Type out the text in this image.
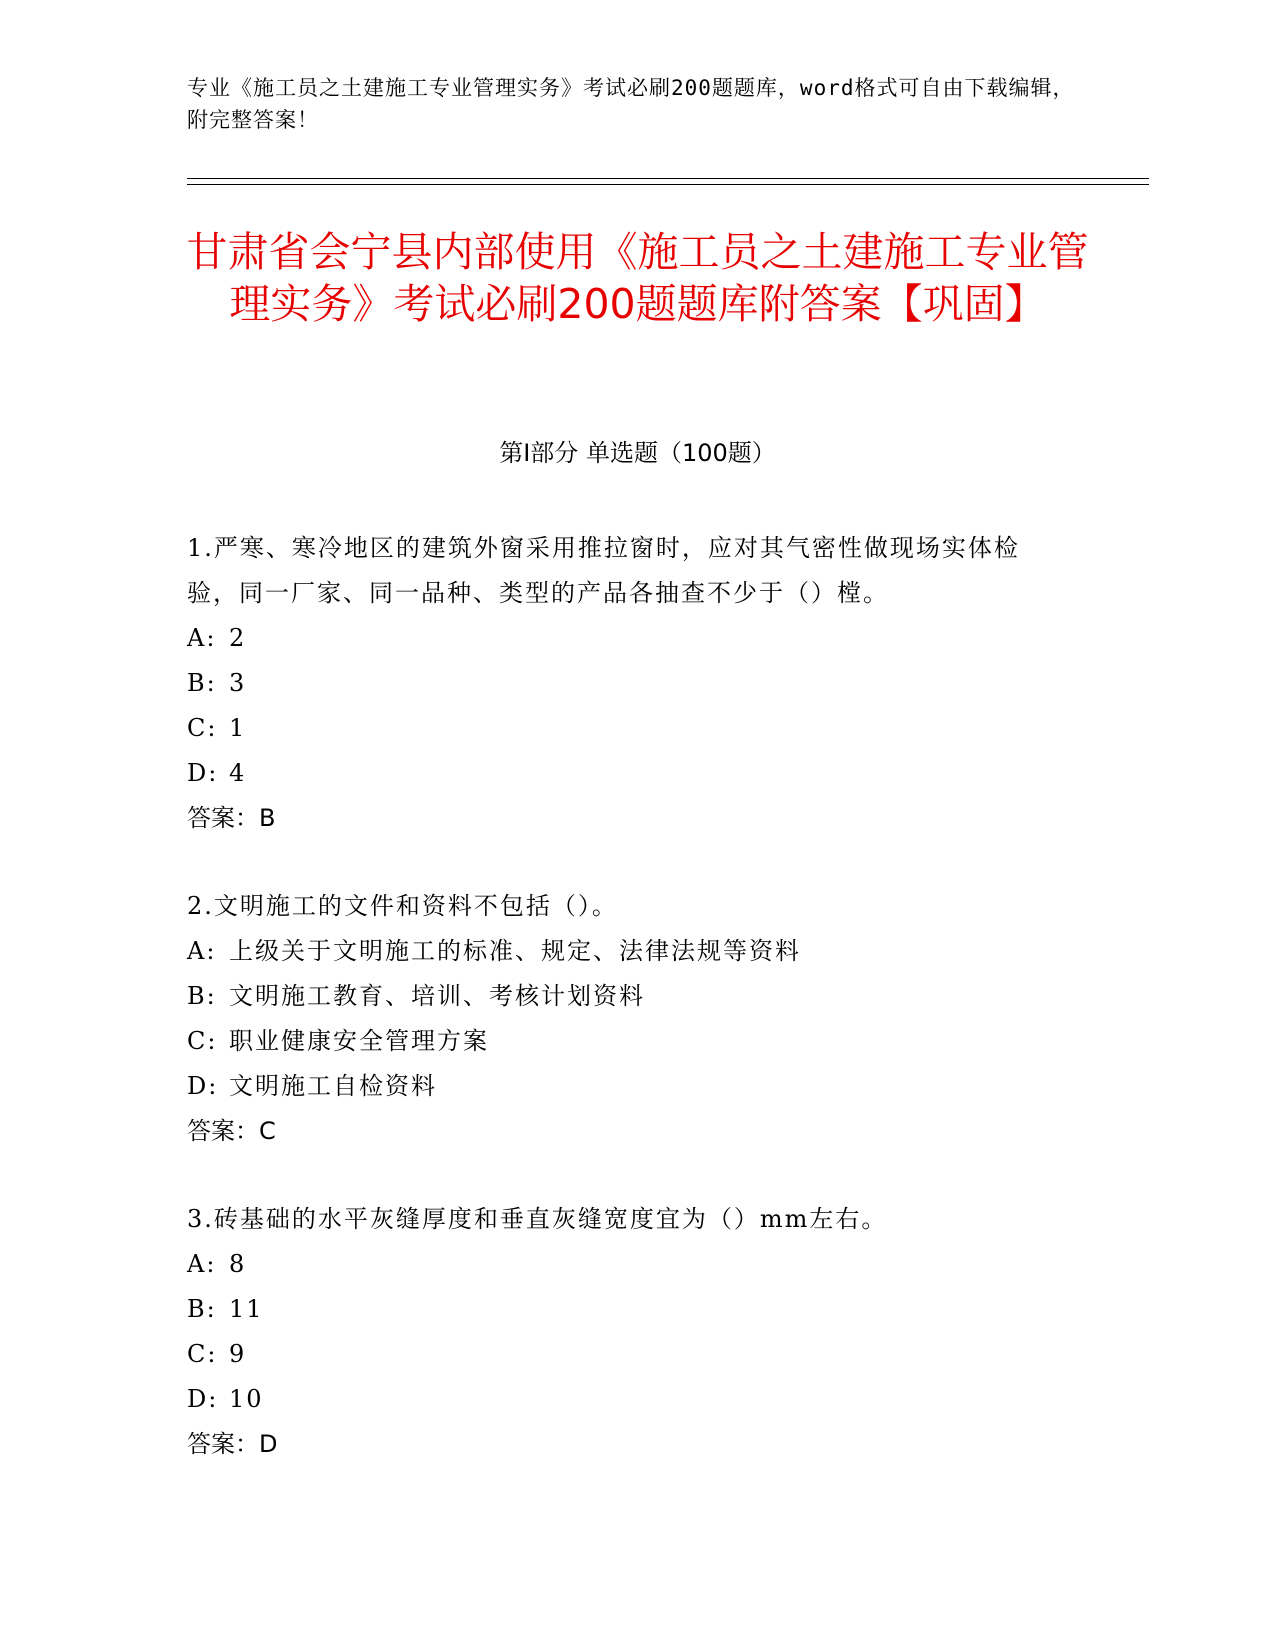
专业《施工员之土建施工专业管理实务》考试必刷200题题库，word格式可自由下载编辑，附完整答案！
甘肃省会宁县内部使用《施工员之土建施工专业管理实务》考试必刷200题题库附答案【巩固】
第Ⅰ部分 单选题（100题）

1.严寒、寒冷地区的建筑外窗采用推拉窗时，应对其气密性做现场实体检验，同一厂家、同一品种、类型的产品各抽查不少于（）樘。

A: 2

B: 3

C: 1

D: 4

答案：B

2.文明施工的文件和资料不包括（）。

A: 上级关于文明施工的标准、规定、法律法规等资料

B: 文明施工教育、培训、考核计划资料

C: 职业健康安全管理方案

D: 文明施工自检资料

答案：C

3.砖基础的水平灰缝厚度和垂直灰缝宽度宜为（）mm左右。

A: 8

B: 11

C: 9

D: 10

答案：D
